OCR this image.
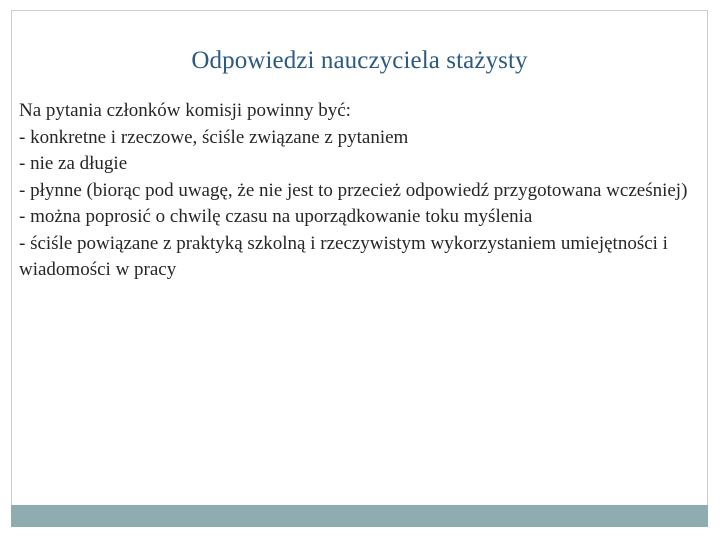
Odpowiedzi nauczyciela stażysty
Na pytania członków komisji powinny być:
- konkretne i rzeczowe, ściśle związane z pytaniem
- nie za długie
- płynne (biorąc pod uwagę, że nie jest to przecież odpowiedź przygotowana wcześniej)
- można poprosić o chwilę czasu na uporządkowanie toku myślenia
- ściśle powiązane z praktyką szkolną i rzeczywistym wykorzystaniem umiejętności i wiadomości w pracy
